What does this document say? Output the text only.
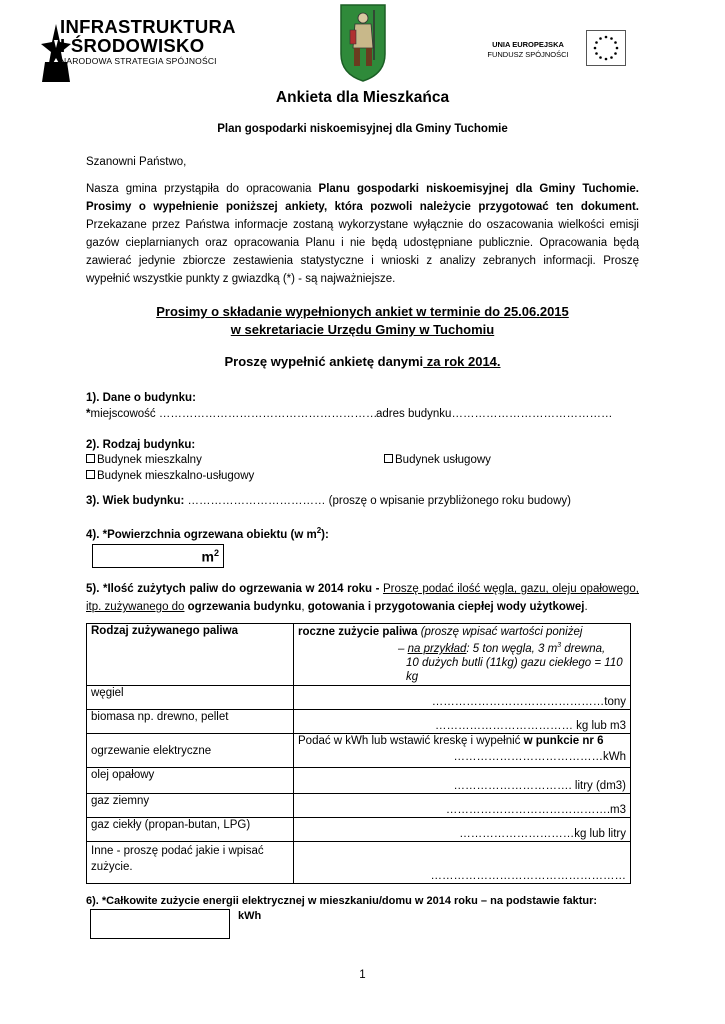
INFRASTRUKTURA
I ŚRODOWISKO
NARODOWA STRATEGIA SPÓJNOŚCI
UNIA EUROPEJSKA
FUNDUSZ SPÓJNOŚCI
Ankieta dla Mieszkańca
Plan gospodarki niskoemisyjnej dla Gminy Tuchomie
Szanowni Państwo,
Nasza gmina przystąpiła do opracowania Planu gospodarki niskoemisyjnej dla Gminy Tuchomie. Prosimy o wypełnienie poniższej ankiety, która pozwoli należycie przygotować ten dokument. Przekazane przez Państwa informacje zostaną wykorzystane wyłącznie do oszacowania wielkości emisji gazów cieplarnianych oraz opracowania Planu i nie będą udostępniane publicznie. Opracowania będą zawierać jedynie zbiorcze zestawienia statystyczne i wnioski z analizy zebranych informacji. Proszę wypełnić wszystkie punkty z gwiazdką (*) - są najważniejsze.
Prosimy o składanie wypełnionych ankiet w terminie do 25.06.2015
w sekretariacie Urzędu Gminy w Tuchomiu
Proszę wypełnić ankietę danymi za rok 2014.
1). Dane o budynku:
*miejscowość …………………………………………………
adres budynku……………………………………
2). Rodzaj budynku:
Budynek mieszkalny
Budynek mieszkalno-usługowy
Budynek usługowy
3). Wiek budynku: ……………………………… (proszę o wpisanie przybliżonego roku budowy)
4). *Powierzchnia ogrzewana obiektu (w $m^2$):
$m^2$
5). *Ilość zużytych paliw do ogrzewania w 2014 roku - Proszę podać ilość węgla, gazu, oleju opałowego, itp. zużywanego do ogrzewania budynku, gotowania i przygotowania ciepłej wody użytkowej.
Rodzaj zużywanego paliwa	roczne zużycie paliwa (proszę wpisać wartości poniżej
– na przykład: 5 ton węgla, 3 $m^3$ drewna,
10 dużych butli (11kg) gazu ciekłego = 110
kg

węgiel	………………………………………tony
biomasa np. drewno, pellet	……………………………… kg lub m3
ogrzewanie elektryczne	Podać w kWh lub wstawić kreskę i wypełnić w punkcie nr 6
…………………………………kWh

olej opałowy	…………………………. litry (dm3)
gaz ziemny	…………………………………….m3
gaz ciekły (propan-butan, LPG)	…………………………kg lub litry
Inne - proszę podać jakie i wpisać zużycie.	……………………………………………
6). *Całkowite zużycie energii elektrycznej w mieszkaniu/domu w 2014 roku – na podstawie faktur:
kWh
1
